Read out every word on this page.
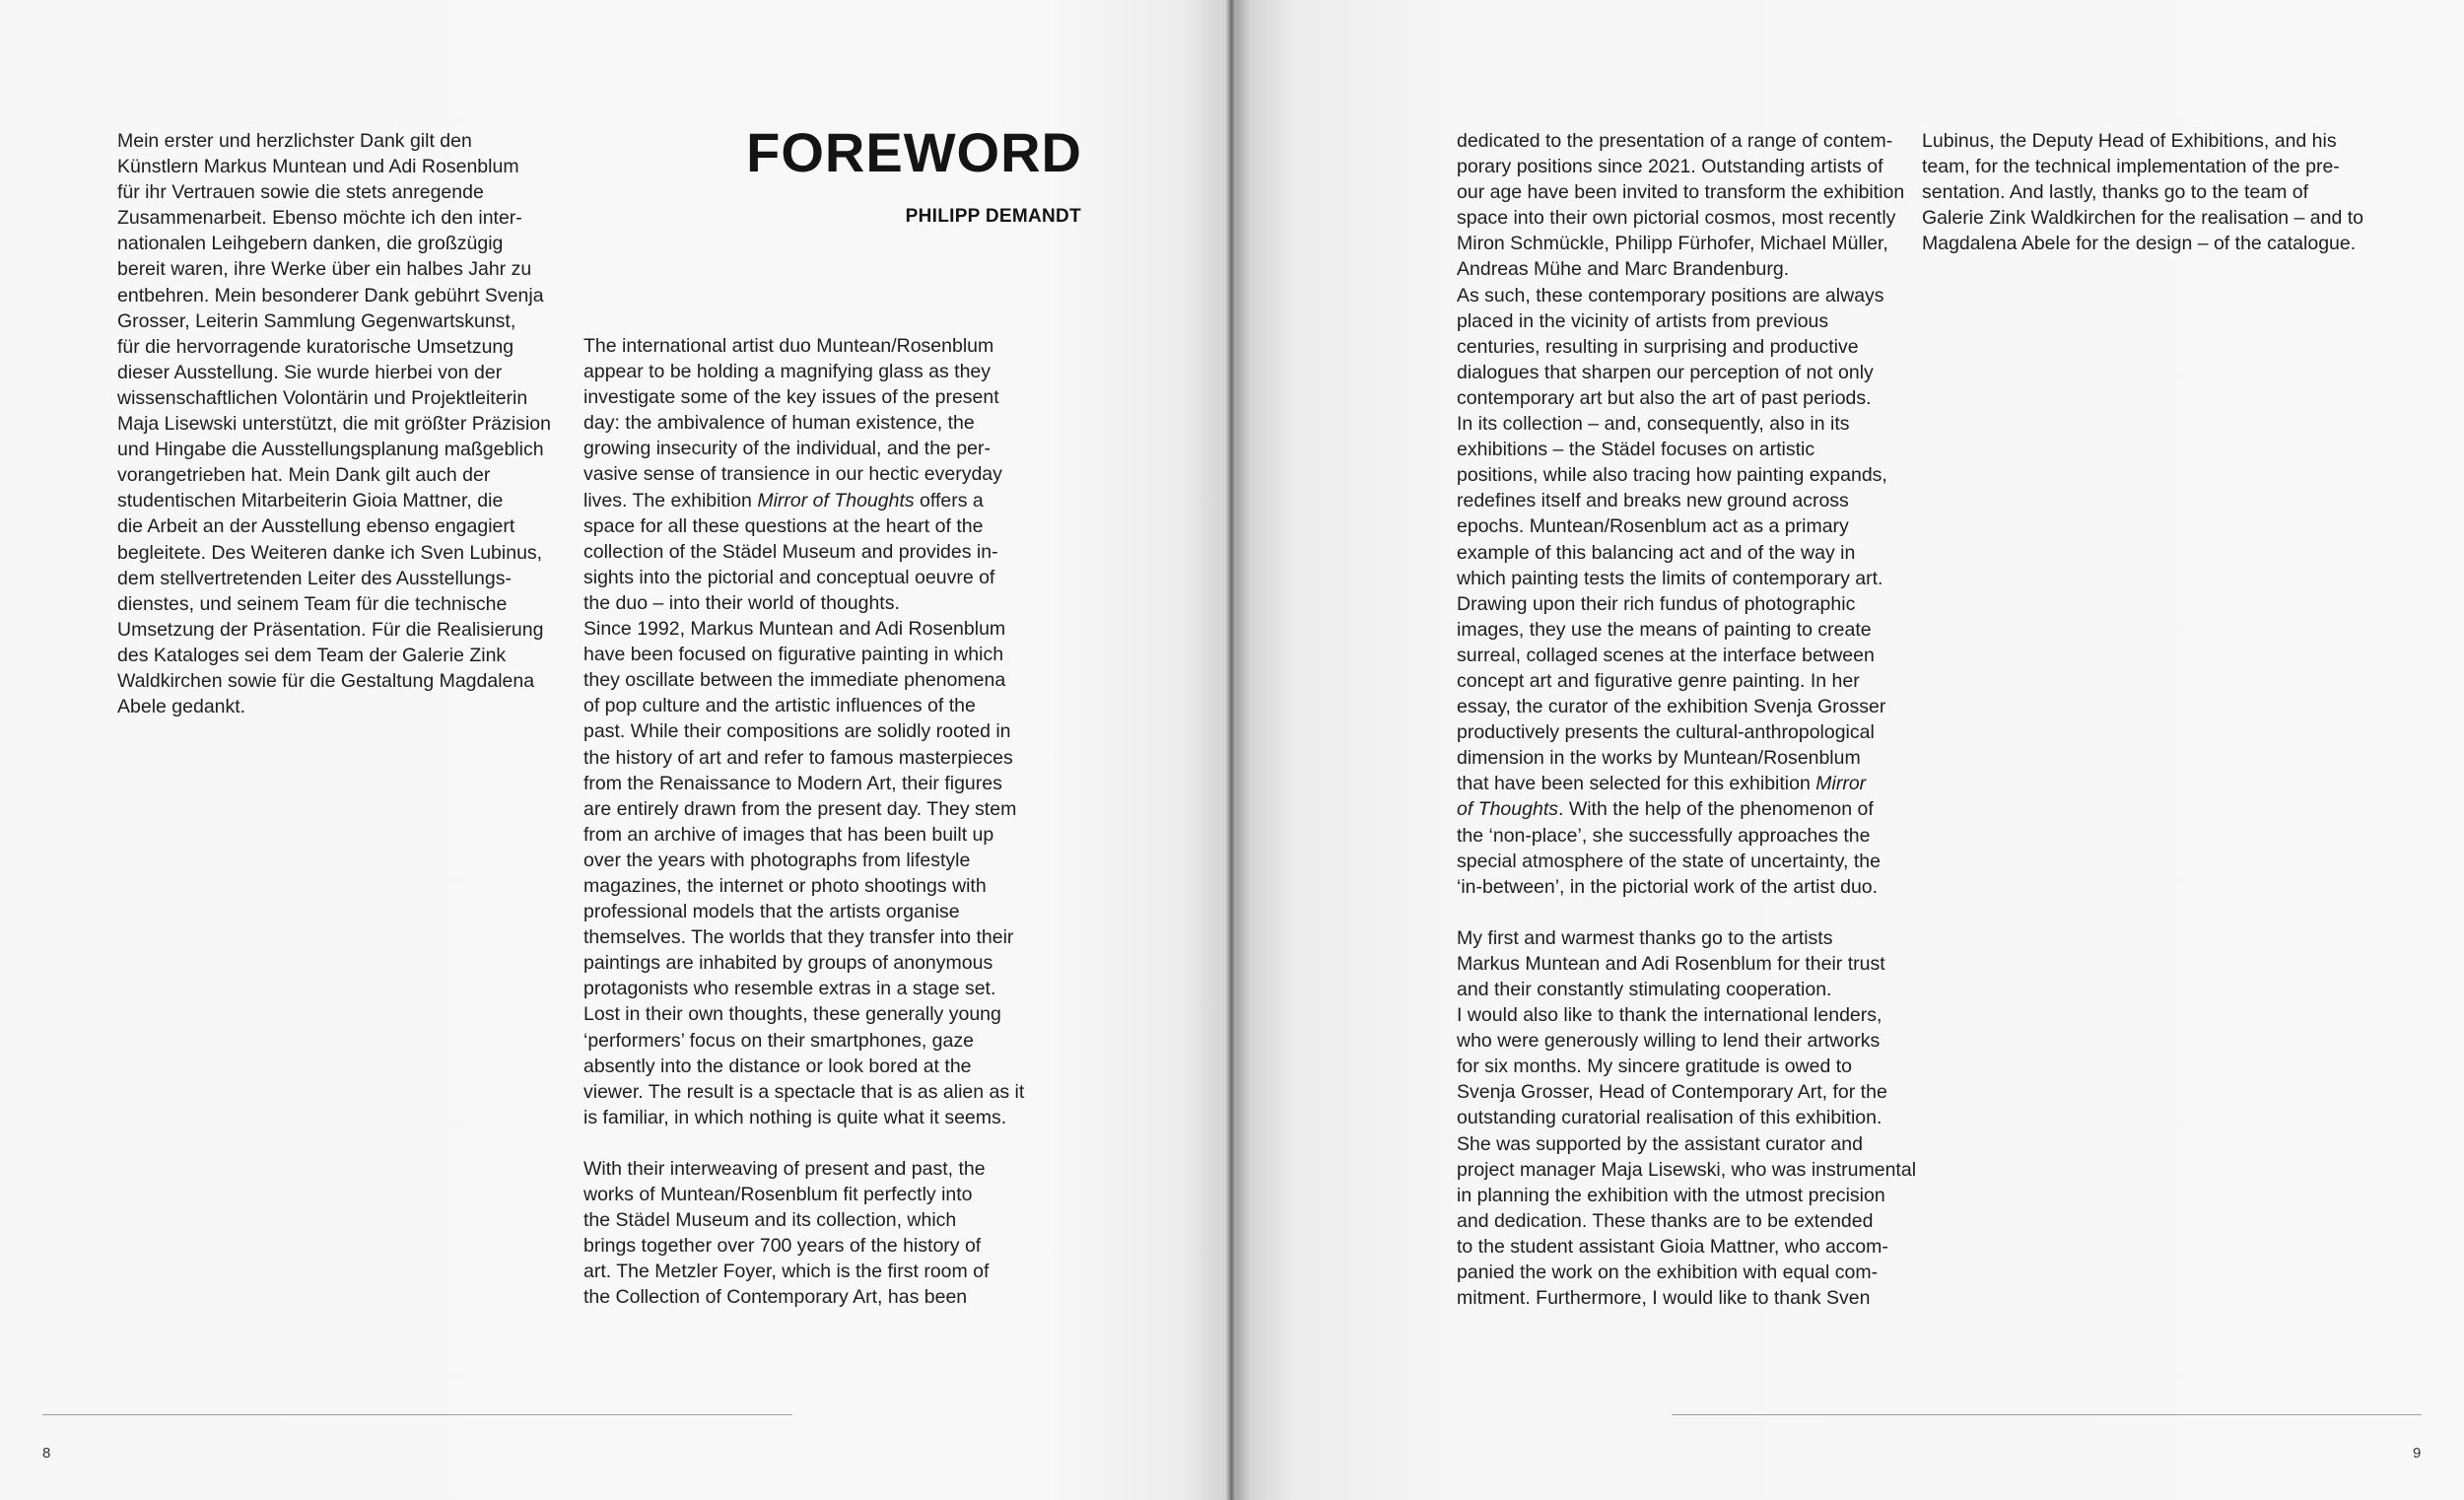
Mein erster und herzlichster Dank gilt den
Künstlern Markus Muntean und Adi Rosenblum
für ihr Vertrauen sowie die stets anregende
Zusammenarbeit. Ebenso möchte ich den inter-
nationalen Leihgebern danken, die großzügig
bereit waren, ihre Werke über ein halbes Jahr zu
entbehren. Mein besonderer Dank gebührt Svenja
Grosser, Leiterin Sammlung Gegenwartskunst,
für die hervorragende kuratorische Umsetzung
dieser Ausstellung. Sie wurde hierbei von der
wissenschaftlichen Volontärin und Projektleiterin
Maja Lisewski unterstützt, die mit größter Präzision
und Hingabe die Ausstellungsplanung maßgeblich
vorangetrieben hat. Mein Dank gilt auch der
studentischen Mitarbeiterin Gioia Mattner, die
die Arbeit an der Ausstellung ebenso engagiert
begleitete. Des Weiteren danke ich Sven Lubinus,
dem stellvertretenden Leiter des Ausstellungs-
dienstes, und seinem Team für die technische
Umsetzung der Präsentation. Für die Realisierung
des Kataloges sei dem Team der Galerie Zink
Waldkirchen sowie für die Gestaltung Magdalena
Abele gedankt.

FOREWORD
PHILIPP DEMANDT

The international artist duo Muntean/Rosenblum
appear to be holding a magnifying glass as they
investigate some of the key issues of the present
day: the ambivalence of human existence, the
growing insecurity of the individual, and the per-
vasive sense of transience in our hectic everyday
lives. The exhibition Mirror of Thoughts offers a
space for all these questions at the heart of the
collection of the Städel Museum and provides in-
sights into the pictorial and conceptual oeuvre of
the duo – into their world of thoughts.

Since 1992, Markus Muntean and Adi Rosenblum
have been focused on figurative painting in which
they oscillate between the immediate phenomena
of pop culture and the artistic influences of the
past. While their compositions are solidly rooted in
the history of art and refer to famous masterpieces
from the Renaissance to Modern Art, their figures
are entirely drawn from the present day. They stem
from an archive of images that has been built up
over the years with photographs from lifestyle
magazines, the internet or photo shootings with
professional models that the artists organise
themselves. The worlds that they transfer into their
paintings are inhabited by groups of anonymous
protagonists who resemble extras in a stage set.
Lost in their own thoughts, these generally young
‘performers’ focus on their smartphones, gaze
absently into the distance or look bored at the
viewer. The result is a spectacle that is as alien as it
is familiar, in which nothing is quite what it seems.

With their interweaving of present and past, the
works of Muntean/Rosenblum fit perfectly into
the Städel Museum and its collection, which
brings together over 700 years of the history of
art. The Metzler Foyer, which is the first room of
the Collection of Contemporary Art, has been

8

dedicated to the presentation of a range of contem-
porary positions since 2021. Outstanding artists of
our age have been invited to transform the exhibition
space into their own pictorial cosmos, most recently
Miron Schmückle, Philipp Fürhofer, Michael Müller,
Andreas Mühe and Marc Brandenburg.

As such, these contemporary positions are always
placed in the vicinity of artists from previous
centuries, resulting in surprising and productive
dialogues that sharpen our perception of not only
contemporary art but also the art of past periods.
In its collection – and, consequently, also in its
exhibitions – the Städel focuses on artistic
positions, while also tracing how painting expands,
redefines itself and breaks new ground across
epochs. Muntean/Rosenblum act as a primary
example of this balancing act and of the way in
which painting tests the limits of contemporary art.
Drawing upon their rich fundus of photographic
images, they use the means of painting to create
surreal, collaged scenes at the interface between
concept art and figurative genre painting. In her
essay, the curator of the exhibition Svenja Grosser
productively presents the cultural-anthropological
dimension in the works by Muntean/Rosenblum
that have been selected for this exhibition Mirror
of Thoughts. With the help of the phenomenon of
the ‘non-place’, she successfully approaches the
special atmosphere of the state of uncertainty, the
‘in-between’, in the pictorial work of the artist duo.

My first and warmest thanks go to the artists
Markus Muntean and Adi Rosenblum for their trust
and their constantly stimulating cooperation.

I would also like to thank the international lenders,
who were generously willing to lend their artworks
for six months. My sincere gratitude is owed to
Svenja Grosser, Head of Contemporary Art, for the
outstanding curatorial realisation of this exhibition.
She was supported by the assistant curator and
project manager Maja Lisewski, who was instrumental
in planning the exhibition with the utmost precision
and dedication. These thanks are to be extended
to the student assistant Gioia Mattner, who accom-
panied the work on the exhibition with equal com-
mitment. Furthermore, I would like to thank Sven

Lubinus, the Deputy Head of Exhibitions, and his
team, for the technical implementation of the pre-
sentation. And lastly, thanks go to the team of
Galerie Zink Waldkirchen for the realisation – and to
Magdalena Abele for the design – of the catalogue.

9
